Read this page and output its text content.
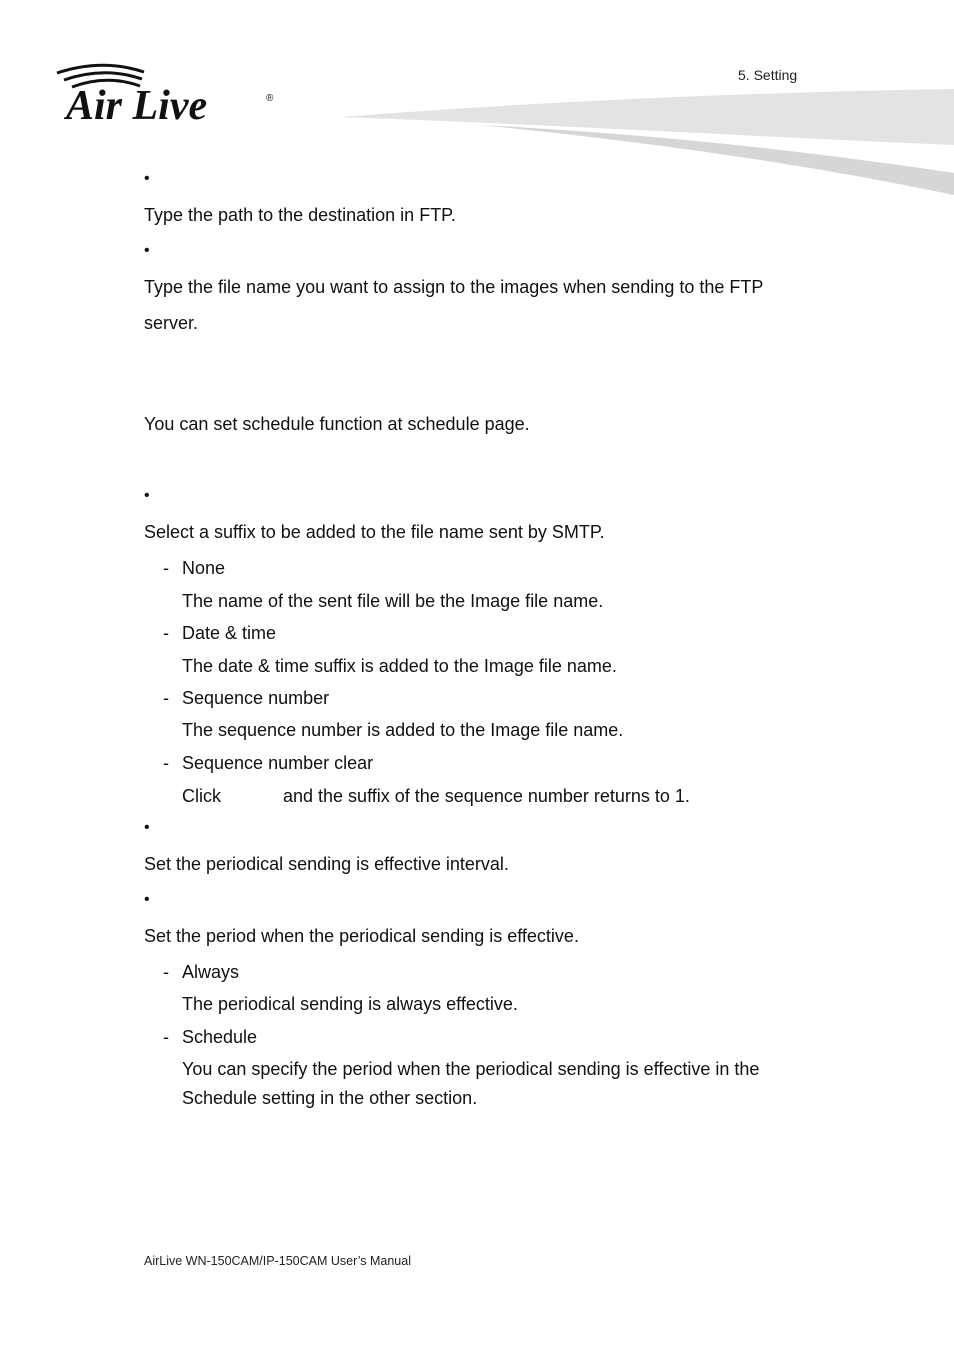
Air Live	®
5. Setting
•
Type the path to the destination in FTP.
•
Type the file name you want to assign to the images when sending to the FTP
server.
You can set schedule function at schedule page.
•
Select a suffix to be added to the file name sent by SMTP.
- None
The name of the sent file will be the Image file name.
- Date & time
The date & time suffix is added to the Image file name.
- Sequence number
The sequence number is added to the Image file name.
- Sequence number clear
Click	and the suffix of the sequence number returns to 1.
•
Set the periodical sending is effective interval.
•
Set the period when the periodical sending is effective.
- Always
The periodical sending is always effective.
- Schedule
You can specify the period when the periodical sending is effective in the
Schedule setting in the other section.
AirLive WN-150CAM/IP-150CAM User’s Manual
